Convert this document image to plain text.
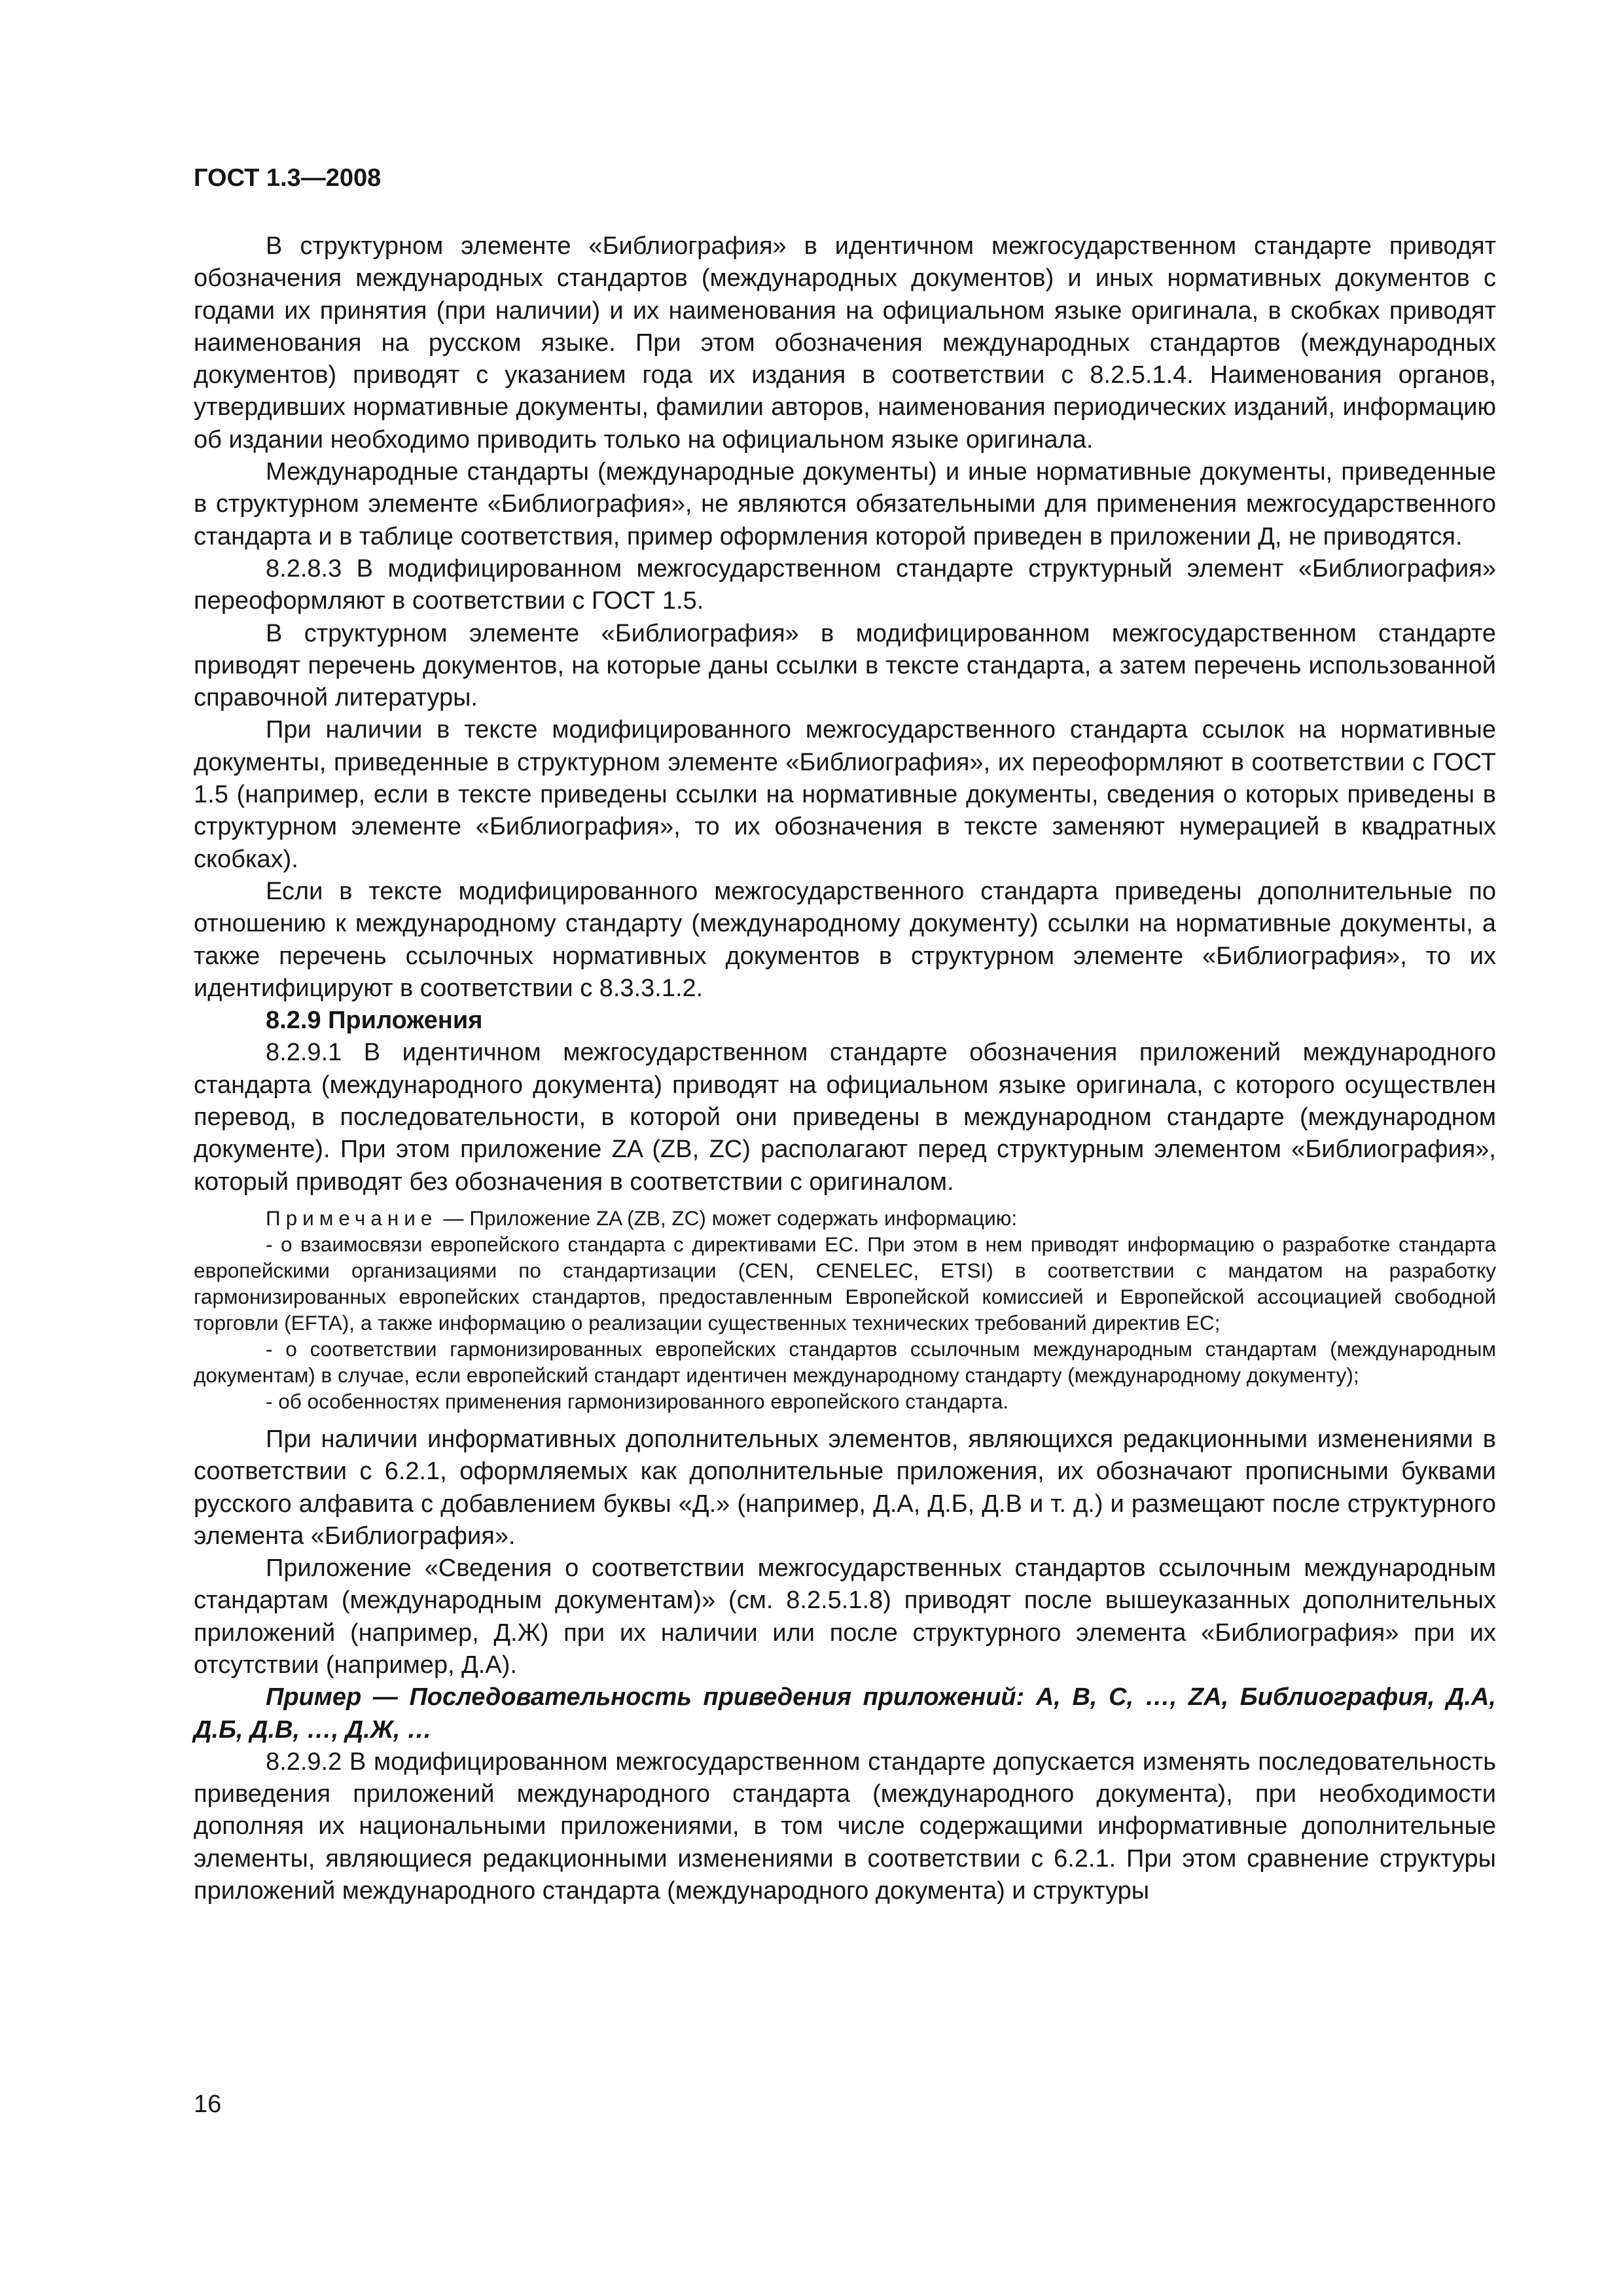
ГОСТ 1.3—2008

В структурном элементе «Библиография» в идентичном межгосударственном стандарте приводят обозначения международных стандартов (международных документов) и иных нормативных документов с годами их принятия (при наличии) и их наименования на официальном языке оригинала, в скобках приводят наименования на русском языке. При этом обозначения международных стандартов (международных документов) приводят с указанием года их издания в соответствии с 8.2.5.1.4. Наименования органов, утвердивших нормативные документы, фамилии авторов, наименования периодических изданий, информацию об издании необходимо приводить только на официальном языке оригинала.

Международные стандарты (международные документы) и иные нормативные документы, приведенные в структурном элементе «Библиография», не являются обязательными для применения межгосударственного стандарта и в таблице соответствия, пример оформления которой приведен в приложении Д, не приводятся.

8.2.8.3 В модифицированном межгосударственном стандарте структурный элемент «Библиография» переоформляют в соответствии с ГОСТ 1.5.

В структурном элементе «Библиография» в модифицированном межгосударственном стандарте приводят перечень документов, на которые даны ссылки в тексте стандарта, а затем перечень использованной справочной литературы.

При наличии в тексте модифицированного межгосударственного стандарта ссылок на нормативные документы, приведенные в структурном элементе «Библиография», их переоформляют в соответствии с ГОСТ 1.5 (например, если в тексте приведены ссылки на нормативные документы, сведения о которых приведены в структурном элементе «Библиография», то их обозначения в тексте заменяют нумерацией в квадратных скобках).

Если в тексте модифицированного межгосударственного стандарта приведены дополнительные по отношению к международному стандарту (международному документу) ссылки на нормативные документы, а также перечень ссылочных нормативных документов в структурном элементе «Библиография», то их идентифицируют в соответствии с 8.3.3.1.2.

8.2.9 Приложения

8.2.9.1 В идентичном межгосударственном стандарте обозначения приложений международного стандарта (международного документа) приводят на официальном языке оригинала, с которого осуществлен перевод, в последовательности, в которой они приведены в международном стандарте (международном документе). При этом приложение ZA (ZB, ZC) располагают перед структурным элементом «Библиография», который приводят без обозначения в соответствии с оригиналом.

Примечание — Приложение ZA (ZB, ZC) может содержать информацию:

- о взаимосвязи европейского стандарта с директивами ЕС. При этом в нем приводят информацию о разработке стандарта европейскими организациями по стандартизации (CEN, CENELEC, ETSI) в соответствии с мандатом на разработку гармонизированных европейских стандартов, предоставленным Европейской комиссией и Европейской ассоциацией свободной торговли (EFTA), а также информацию о реализации существенных технических требований директив ЕС;

- о соответствии гармонизированных европейских стандартов ссылочным международным стандартам (международным документам) в случае, если европейский стандарт идентичен международному стандарту (международному документу);

- об особенностях применения гармонизированного европейского стандарта.

При наличии информативных дополнительных элементов, являющихся редакционными изменениями в соответствии с 6.2.1, оформляемых как дополнительные приложения, их обозначают прописными буквами русского алфавита с добавлением буквы «Д.» (например, Д.А, Д.Б, Д.В и т. д.) и размещают после структурного элемента «Библиография».

Приложение «Сведения о соответствии межгосударственных стандартов ссылочным международным стандартам (международным документам)» (см. 8.2.5.1.8) приводят после вышеуказанных дополнительных приложений (например, Д.Ж) при их наличии или после структурного элемента «Библиография» при их отсутствии (например, Д.А).

Пример — Последовательность приведения приложений: A, B, C, …, ZA, Библиография, Д.А, Д.Б, Д.В, …, Д.Ж, …

8.2.9.2 В модифицированном межгосударственном стандарте допускается изменять последовательность приведения приложений международного стандарта (международного документа), при необходимости дополняя их национальными приложениями, в том числе содержащими информативные дополнительные элементы, являющиеся редакционными изменениями в соответствии с 6.2.1. При этом сравнение структуры приложений международного стандарта (международного документа) и структуры

16
